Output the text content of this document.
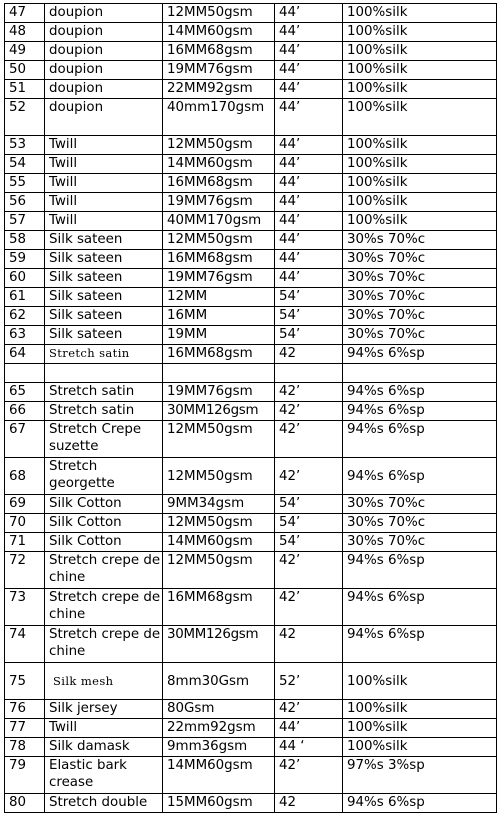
47	doupion	12MM50gsm	44’	100%silk
48	doupion	14MM60gsm	44’	100%silk
49	doupion	16MM68gsm	44’	100%silk
50	doupion	19MM76gsm	44’	100%silk
51	doupion	22MM92gsm	44’	100%silk
52	doupion	40mm170gsm	44’	100%silk
53	Twill	12MM50gsm	44’	100%silk
54	Twill	14MM60gsm	44’	100%silk
55	Twill	16MM68gsm	44’	100%silk
56	Twill	19MM76gsm	44’	100%silk
57	Twill	40MM170gsm	44’	100%silk
58	Silk sateen	12MM50gsm	44’	30%s 70%c
59	Silk sateen	16MM68gsm	44’	30%s 70%c
60	Silk sateen	19MM76gsm	44’	30%s 70%c
61	Silk sateen	12MM	54’	30%s 70%c
62	Silk sateen	16MM	54’	30%s 70%c
63	Silk sateen	19MM	54’	30%s 70%c
64	Stretch satin	16MM68gsm	42	94%s 6%sp

65	Stretch satin	19MM76gsm	42’	94%s 6%sp
66	Stretch satin	30MM126gsm	42’	94%s 6%sp
67	Stretch Crepe suzette	12MM50gsm	42’	94%s 6%sp
68	Stretch georgette	12MM50gsm	42’	94%s 6%sp
69	Silk Cotton	9MM34gsm	54’	30%s 70%c
70	Silk Cotton	12MM50gsm	54’	30%s 70%c
71	Silk Cotton	14MM60gsm	54’	30%s 70%c
72	Stretch crepe de chine	12MM50gsm	42’	94%s 6%sp
73	Stretch crepe de chine	16MM68gsm	42’	94%s 6%sp
74	Stretch crepe de chine	30MM126gsm	42	94%s 6%sp
75	Silk mesh	8mm30Gsm	52’	100%silk
76	Silk jersey	80Gsm	42’	100%silk
77	Twill	22mm92gsm	44’	100%silk
78	Silk damask	9mm36gsm	44 ‘	100%silk
79	Elastic bark crease	14MM60gsm	42’	97%s 3%sp
80	Stretch double	15MM60gsm	42	94%s 6%sp
